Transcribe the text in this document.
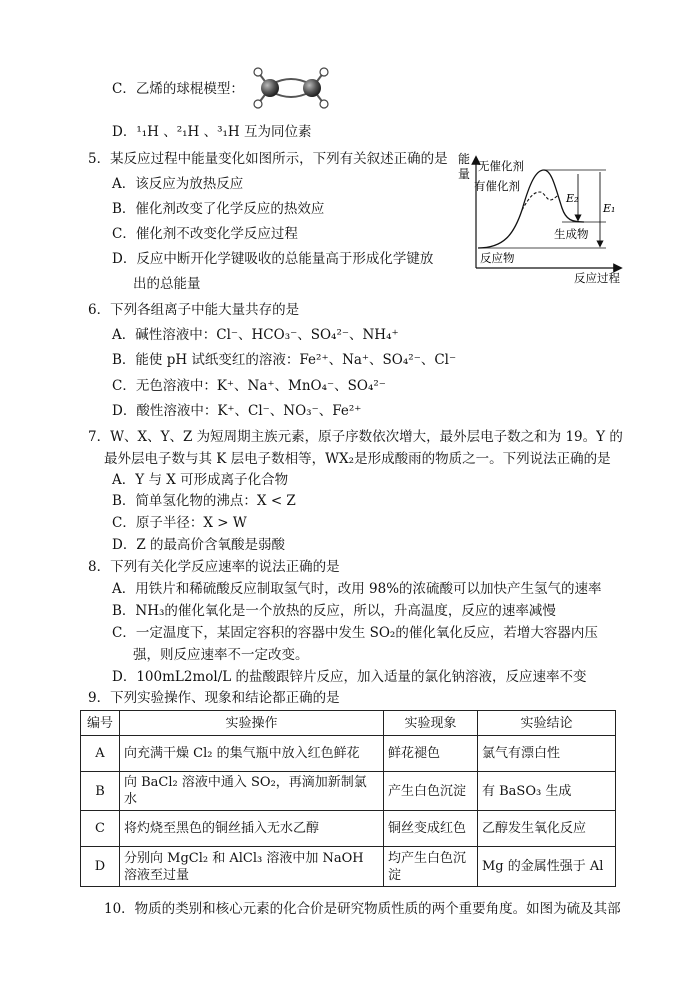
C．乙烯的球棍模型：
D．¹₁H 、²₁H 、³₁H 互为同位素
5．某反应过程中能量变化如图所示，下列有关叙述正确的是
A．该反应为放热反应
B．催化剂改变了化学反应的热效应
C．催化剂不改变化学反应过程
D．反应中断开化学键吸收的总能量高于形成化学键放
出的总能量
能
量
无催化剂
有催化剂
E₂
E₁
生成物
反应物
反应过程
6．下列各组离子中能大量共存的是
A．碱性溶液中：Cl⁻、HCO₃⁻、SO₄²⁻、NH₄⁺
B．能使 pH 试纸变红的溶液：Fe²⁺、Na⁺、SO₄²⁻、Cl⁻
C．无色溶液中：K⁺、Na⁺、MnO₄⁻、SO₄²⁻
D．酸性溶液中：K⁺、Cl⁻、NO₃⁻、Fe²⁺
7．W、X、Y、Z 为短周期主族元素，原子序数依次增大，最外层电子数之和为 19。Y 的
最外层电子数与其 K 层电子数相等，WX₂是形成酸雨的物质之一。下列说法正确的是
A．Y 与 X 可形成离子化合物
B．简单氢化物的沸点：X < Z
C．原子半径：X > W
D．Z 的最高价含氧酸是弱酸
8．下列有关化学反应速率的说法正确的是
A．用铁片和稀硫酸反应制取氢气时，改用 98%的浓硫酸可以加快产生氢气的速率
B．NH₃的催化氧化是一个放热的反应，所以，升高温度，反应的速率减慢
C．一定温度下，某固定容积的容器中发生 SO₂的催化氧化反应，若增大容器内压
强，则反应速率不一定改变。
D．100mL2mol/L 的盐酸跟锌片反应，加入适量的氯化钠溶液，反应速率不变
9．下列实验操作、现象和结论都正确的是
编号	实验操作	实验现象	实验结论
A	向充满干燥 Cl₂ 的集气瓶中放入红色鲜花	鲜花褪色	氯气有漂白性
B	向 BaCl₂ 溶液中通入 SO₂，再滴加新制氯水	产生白色沉淀	有 BaSO₃ 生成
C	将灼烧至黑色的铜丝插入无水乙醇	铜丝变成红色	乙醇发生氧化反应
D	分别向 MgCl₂ 和 AlCl₃ 溶液中加 NaOH 溶液至过量	均产生白色沉淀	Mg 的金属性强于 Al
10．物质的类别和核心元素的化合价是研究物质性质的两个重要角度。如图为硫及其部
